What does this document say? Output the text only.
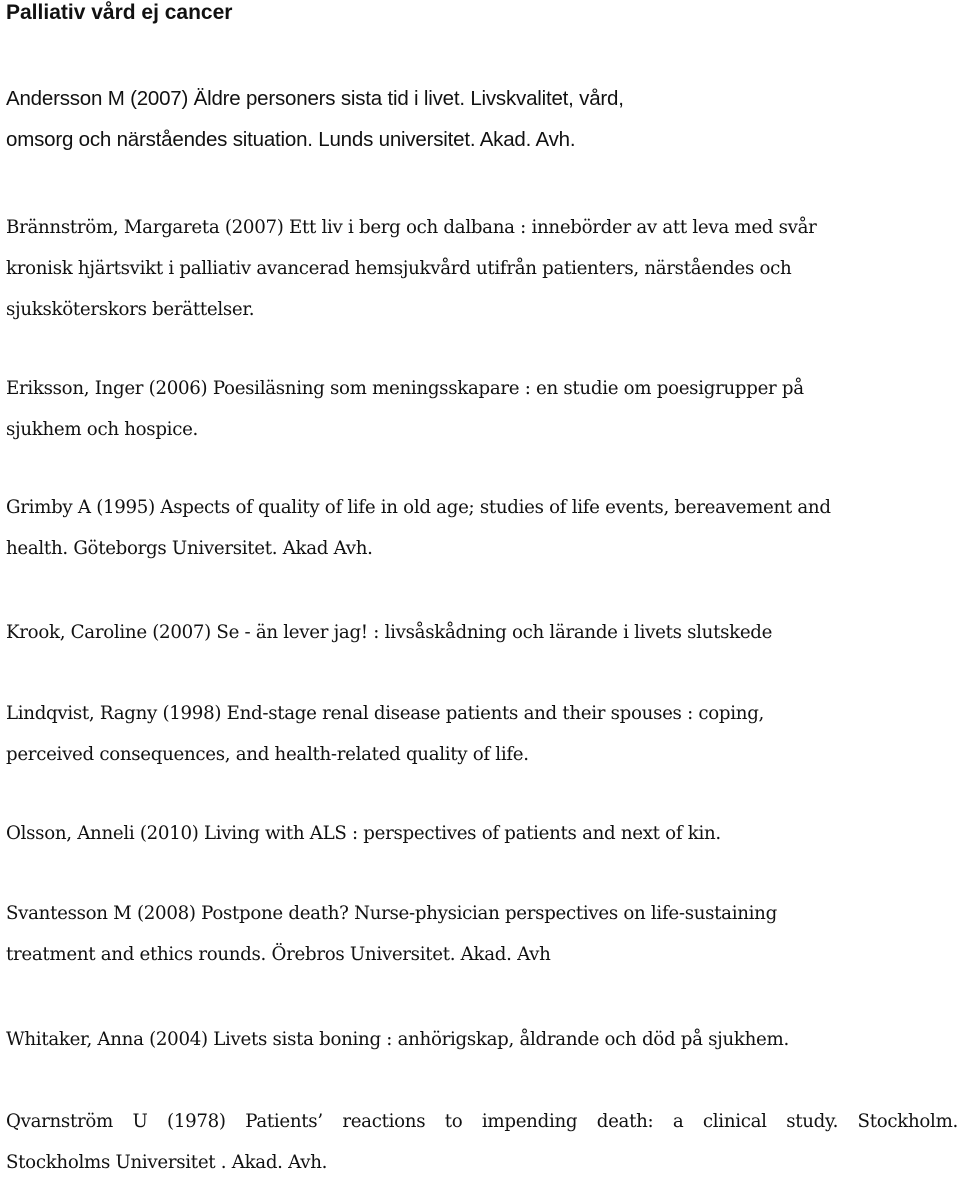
Palliativ vård ej cancer
Andersson M (2007) Äldre personers sista tid i livet. Livskvalitet, vård,
omsorg och närståendes situation. Lunds universitet. Akad. Avh.
Brännström, Margareta (2007) Ett liv i berg och dalbana : innebörder av att leva med svår
kronisk hjärtsvikt i palliativ avancerad hemsjukvård utifrån patienters, närståendes och
sjuksköterskors berättelser.
Eriksson, Inger (2006) Poesiläsning som meningsskapare : en studie om poesigrupper på
sjukhem och hospice.
Grimby A (1995) Aspects of quality of life in old age; studies of life events, bereavement and
health. Göteborgs Universitet. Akad Avh.
Krook, Caroline (2007) Se - än lever jag! : livsåskådning och lärande i livets slutskede
Lindqvist, Ragny (1998) End-stage renal disease patients and their spouses : coping,
perceived consequences, and health-related quality of life.
Olsson, Anneli (2010) Living with ALS : perspectives of patients and next of kin.
Svantesson M (2008) Postpone death? Nurse-physician perspectives on life-sustaining
treatment and ethics rounds. Örebros Universitet. Akad. Avh
Whitaker, Anna (2004) Livets sista boning : anhörigskap, åldrande och död på sjukhem.
Qvarnström U (1978) Patients’ reactions to impending death: a clinical study. Stockholm.
Stockholms Universitet . Akad. Avh.
